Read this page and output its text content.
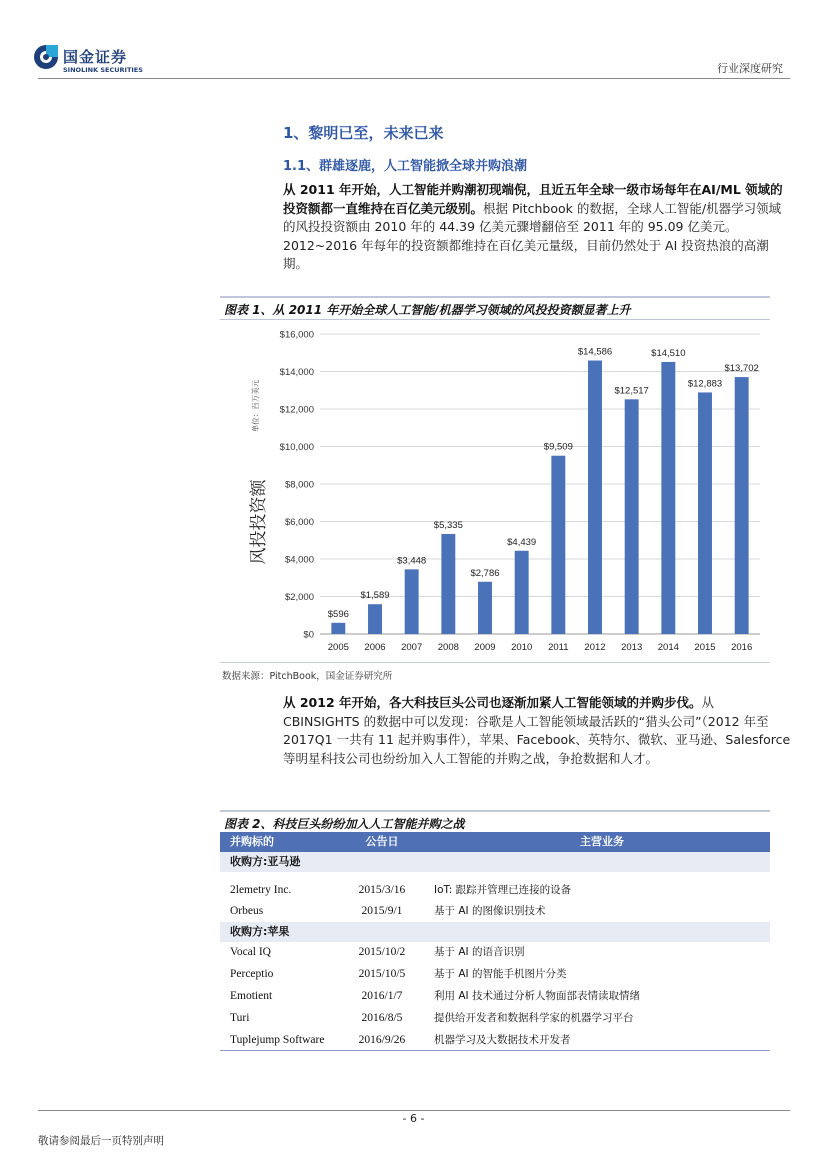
国金证券
SINOLINK SECURITIES	行业深度研究
1、黎明已至，未来已来
1.1、群雄逐鹿，人工智能掀全球并购浪潮
从 2011 年开始，人工智能并购潮初现端倪，且近五年全球一级市场每年在AI/ML 领域的投资额都一直维持在百亿美元级别。根据 Pitchbook 的数据，全球人工智能/机器学习领域的风投投资额由 2010 年的 44.39 亿美元骤增翻倍至 2011 年的 95.09 亿美元。2012~2016 年每年的投资额都维持在百亿美元量级，目前仍然处于 AI 投资热浪的高潮期。
图表 1、从 2011 年开始全球人工智能/机器学习领域的风投投资额显著上升
$0
$2,000
$4,000
$6,000
$8,000
$10,000
$12,000
$14,000
$16,000
风投投资额
单位：百万美元
$596
2005
$1,589
2006
$3,448
2007
$5,335
2008
$2,786
2009
$4,439
2010
$9,509
2011
$14,586
2012
$12,517
2013
$14,510
2014
$12,883
2015
$13,702
2016
数据来源：PitchBook，国金证券研究所
从 2012 年开始，各大科技巨头公司也逐渐加紧人工智能领域的并购步伐。从 CBINSIGHTS 的数据中可以发现：谷歌是人工智能领域最活跃的“猎头公司”（2012 年至 2017Q1 一共有 11 起并购事件），苹果、Facebook、英特尔、微软、亚马逊、Salesforce 等明星科技公司也纷纷加入人工智能的并购之战，争抢数据和人才。
图表 2、科技巨头纷纷加入人工智能并购之战
并购标的	公告日	主营业务
收购方:亚马逊
2lemetry Inc.	2015/3/16	IoT: 跟踪并管理已连接的设备
Orbeus	2015/9/1	基于 AI 的图像识别技术
收购方:苹果
Vocal IQ	2015/10/2	基于 AI 的语音识别
Perceptio	2015/10/5	基于 AI 的智能手机图片分类
Emotient	2016/1/7	利用 AI 技术通过分析人物面部表情读取情绪
Turi	2016/8/5	提供给开发者和数据科学家的机器学习平台
Tuplejump Software	2016/9/26	机器学习及大数据技术开发者
- 6 -
敬请参阅最后一页特别声明
